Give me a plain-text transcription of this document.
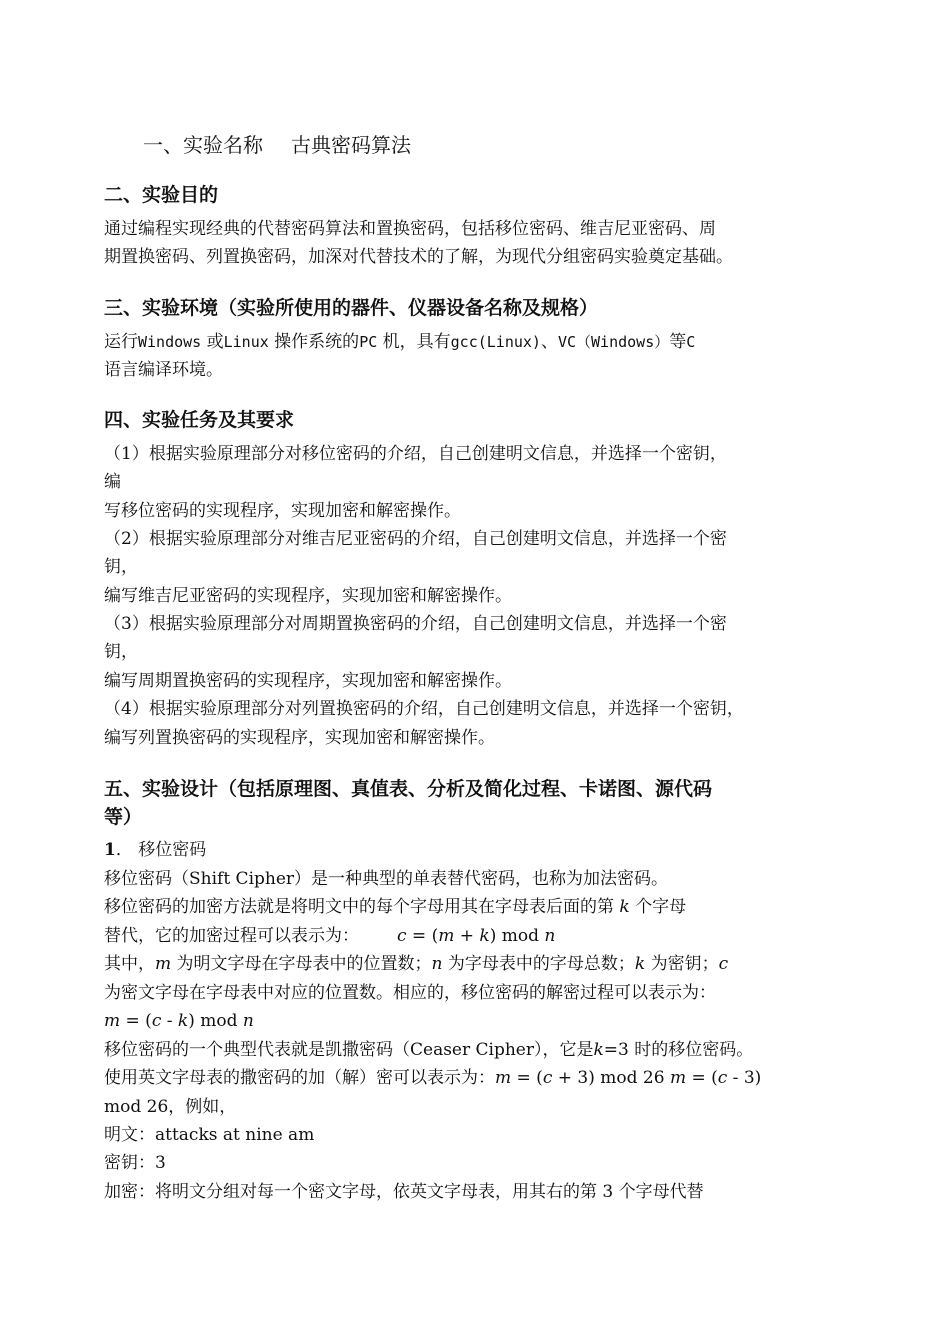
一、实验名称 古典密码算法
二、实验目的
通过编程实现经典的代替密码算法和置换密码，包括移位密码、维吉尼亚密码、周
期置换密码、列置换密码，加深对代替技术的了解，为现代分组密码实验奠定基础。
三、实验环境（实验所使用的器件、仪器设备名称及规格）
运行Windows 或Linux 操作系统的PC 机，具有gcc(Linux)、VC（Windows）等C
语言编译环境。
四、实验任务及其要求
（1）根据实验原理部分对移位密码的介绍，自己创建明文信息，并选择一个密钥，
编
写移位密码的实现程序，实现加密和解密操作。
（2）根据实验原理部分对维吉尼亚密码的介绍，自己创建明文信息，并选择一个密
钥，
编写维吉尼亚密码的实现程序，实现加密和解密操作。
（3）根据实验原理部分对周期置换密码的介绍，自己创建明文信息，并选择一个密
钥，
编写周期置换密码的实现程序，实现加密和解密操作。
（4）根据实验原理部分对列置换密码的介绍，自己创建明文信息，并选择一个密钥，
编写列置换密码的实现程序，实现加密和解密操作。
五、实验设计（包括原理图、真值表、分析及简化过程、卡诺图、源代码
等）
1． 移位密码
移位密码（Shift Cipher）是一种典型的单表替代密码，也称为加法密码。
移位密码的加密方法就是将明文中的每个字母用其在字母表后面的第 k 个字母
替代，它的加密过程可以表示为： c = (m + k) mod n
其中，m 为明文字母在字母表中的位置数；n 为字母表中的字母总数；k 为密钥；c
为密文字母在字母表中对应的位置数。相应的，移位密码的解密过程可以表示为：
m = (c - k) mod n
移位密码的一个典型代表就是凯撒密码（Ceaser Cipher），它是k=3 时的移位密码。
使用英文字母表的撒密码的加（解）密可以表示为：m = (c + 3) mod 26 m = (c - 3)
mod 26，例如，
明文：attacks at nine am
密钥：3
加密：将明文分组对每一个密文字母，依英文字母表，用其右的第 3 个字母代替
